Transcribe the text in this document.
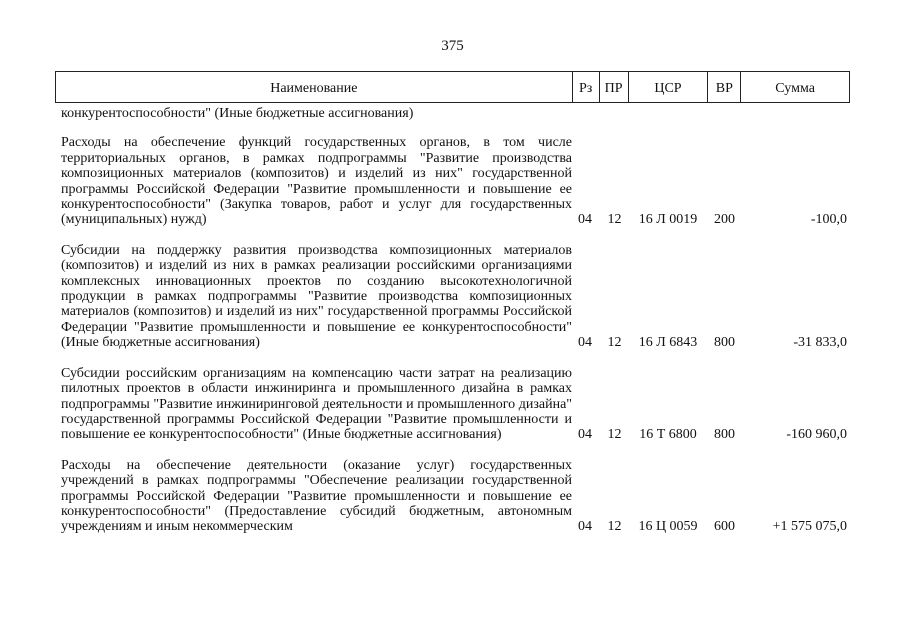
375
Наименование	Рз ПР	ЦСР	ВР	Сумма
конкурентоспособности" (Иные бюджетные ассигнования)
Расходы на обеспечение функций государственных органов, в том числе территориальных органов, в рамках подпрограммы "Развитие производства композиционных материалов (композитов) и изделий из них" государственной программы Российской Федерации "Развитие промышленности и повышение ее конкурентоспособности" (Закупка товаров, работ и услуг для государственных (муниципальных) нужд)	04	12	16 Л 0019	200	-100,0
Субсидии на поддержку развития производства композиционных материалов (композитов) и изделий из них в рамках реализации российскими организациями комплексных инновационных проектов по созданию высокотехнологичной продукции в рамках подпрограммы "Развитие производства композиционных материалов (композитов) и изделий из них" государственной программы Российской Федерации "Развитие промышленности и повышение ее конкурентоспособности" (Иные бюджетные ассигнования)	04	12	16 Л 6843	800	-31 833,0
Субсидии российским организациям на компенсацию части затрат на реализацию пилотных проектов в области инжиниринга и промышленного дизайна в рамках подпрограммы "Развитие инжиниринговой деятельности и промышленного дизайна" государственной программы Российской Федерации "Развитие промышленности и повышение ее конкурентоспособности" (Иные бюджетные ассигнования)	04	12	16 Т 6800	800	-160 960,0
Расходы на обеспечение деятельности (оказание услуг) государственных учреждений в рамках подпрограммы "Обеспечение реализации государственной программы Российской Федерации "Развитие промышленности и повышение ее конкурентоспособности" (Предоставление субсидий бюджетным, автономным учреждениям и иным некоммерческим	04	12	16 Ц 0059	600	+1 575 075,0
